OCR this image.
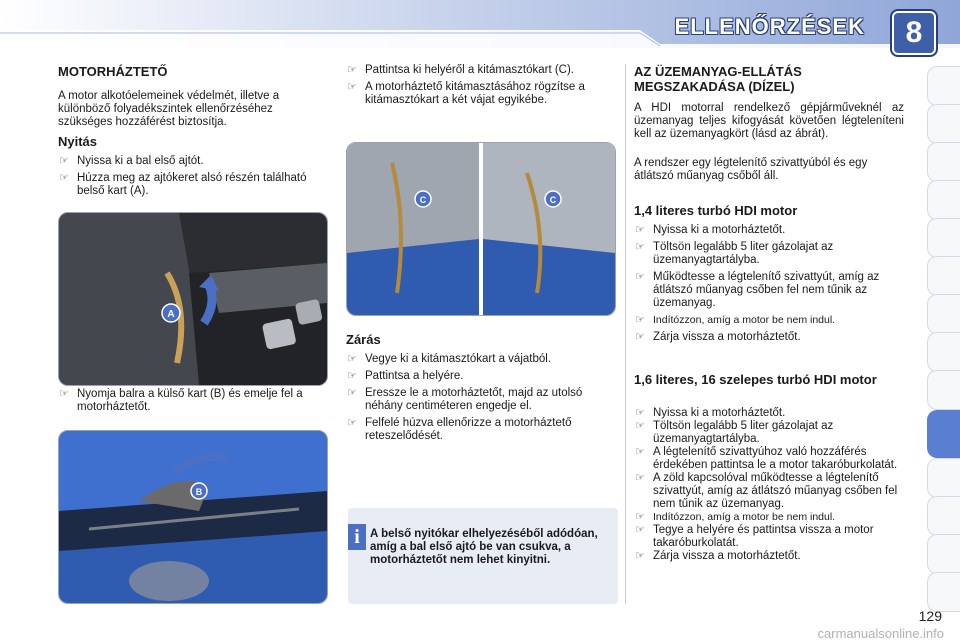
ELLENŐRZÉSEK	8
MOTORHÁZTETŐ

A motor alkotóelemeinek védelmét, illetve a különböző folyadékszintek ellenőrzéséhez szükséges hozzáférést biztosítja.

Nyitás
☞ Nyissa ki a bal első ajtót.
☞ Húzza meg az ajtókeret alsó részén található belső kart (A).
A
☞ Nyomja balra a külső kart (B) és emelje fel a motorháztetőt.
B
☞ Pattintsa ki helyéről a kitámasztókart (C).
☞ A motorháztető kitámasztásához rögzítse a kitámasztókart a két vájat egyikébe.
C	C
Zárás
☞ Vegye ki a kitámasztókart a vájatból.
☞ Pattintsa a helyére.
☞ Eressze le a motorháztetőt, majd az utolsó néhány centiméteren engedje el.
☞ Felfelé húzva ellenőrizze a motorháztető reteszelődését.
i A belső nyitókar elhelyezéséből adódóan, amíg a bal első ajtó be van csukva, a motorháztetőt nem lehet kinyitni.

AZ ÜZEMANYAG-ELLÁTÁS MEGSZAKADÁSA (DÍZEL)

A HDI motorral rendelkező gépjárműveknél az üzemanyag teljes kifogyását követően légteleníteni kell az üzemanyagkört (lásd az ábrát).

A rendszer egy légtelenítő szivattyúból és egy átlátszó műanyag csőből áll.

1,4 literes turbó HDI motor
☞ Nyissa ki a motorháztetőt.
☞ Töltsön legalább 5 liter gázolajat az üzemanyagtartályba.
☞ Működtesse a légtelenítő szivattyút, amíg az átlátszó műanyag csőben fel nem tűnik az üzemanyag.
☞ Indítózzon, amíg a motor be nem indul.
☞ Zárja vissza a motorháztetőt.
1,6 literes, 16 szelepes turbó HDI motor
☞ Nyissa ki a motorháztetőt.
☞ Töltsön legalább 5 liter gázolajat az üzemanyagtartályba.
☞ A légtelenítő szivattyúhoz való hozzáférés érdekében pattintsa le a motor takaróburkolatát.
☞ A zöld kapcsolóval működtesse a légtelenítő szivattyút, amíg az átlátszó műanyag csőben fel nem tűnik az üzemanyag.
☞ Indítózzon, amíg a motor be nem indul.
☞ Tegye a helyére és pattintsa vissza a motor takaróburkolatát.
☞ Zárja vissza a motorháztetőt.
129
carmanualsonline.info
